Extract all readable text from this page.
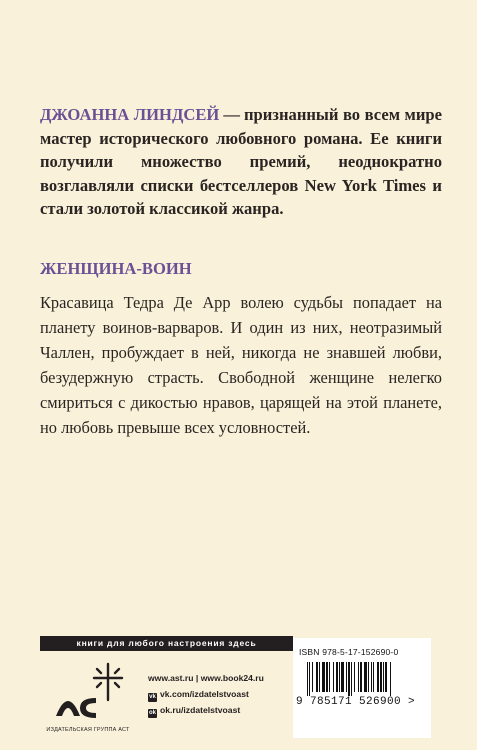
ДЖОАННА ЛИНДСЕЙ — признанный во всем мире мастер исторического любовного романа. Ее книги получили множество премий, неоднократно возглавляли списки бестселлеров New York Times и стали золотой классикой жанра.
ЖЕНЩИНА-ВОИН
Красавица Тедра Де Арр волею судьбы попадает на планету воинов-варваров. И один из них, неотразимый Чаллен, пробуждает в ней, никогда не знавшей любви, безудержную страсть. Свободной женщине нелегко смириться с дикостью нравов, царящей на этой планете, но любовь превыше всех условностей.
книги для любого настроения здесь
ИЗДАТЕЛЬСКАЯ ГРУППА АСТ
www.ast.ru | www.book24.ru
vk vk.com/izdatelstvoast
ok ok.ru/izdatelstvoast
ISBN 978-5-17-152690-0
9 785171 526900 >
